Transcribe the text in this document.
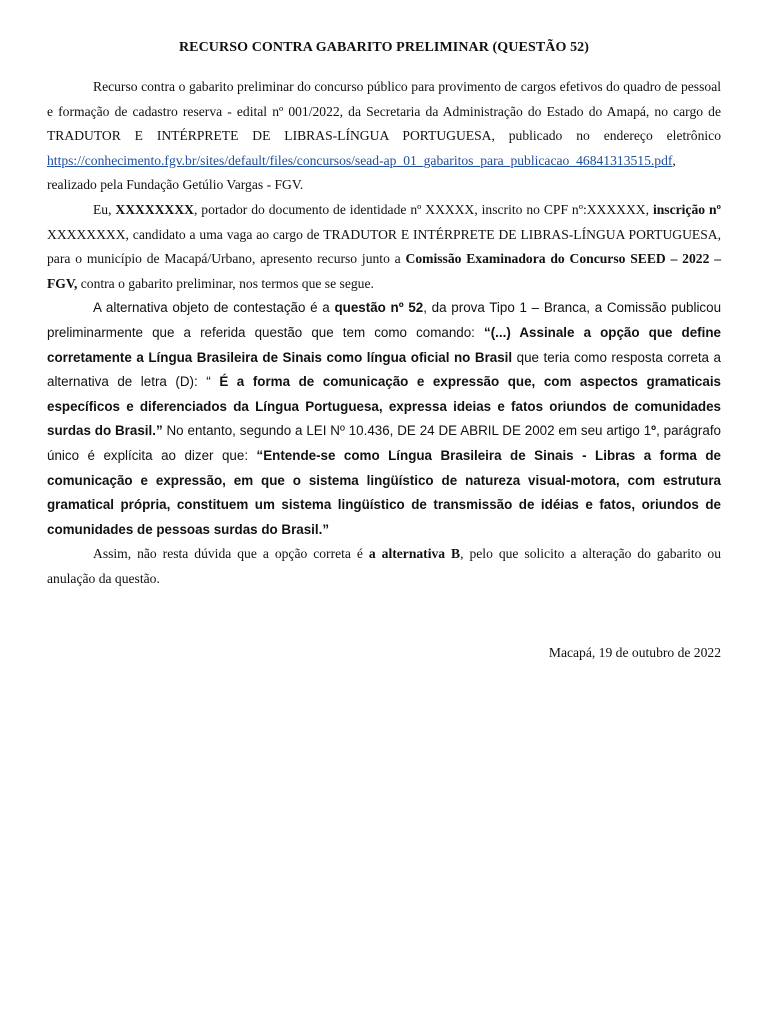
RECURSO CONTRA GABARITO PRELIMINAR (QUESTÃO 52)

Recurso contra o gabarito preliminar do concurso público para provimento de cargos efetivos do quadro de pessoal e formação de cadastro reserva - edital nº 001/2022, da Secretaria da Administração do Estado do Amapá, no cargo de TRADUTOR E INTÉRPRETE DE LIBRAS-LÍNGUA PORTUGUESA, publicado no endereço eletrônico https://conhecimento.fgv.br/sites/default/files/concursos/sead-ap_01_gabaritos_para_publicacao_46841313515.pdf, realizado pela Fundação Getúlio Vargas - FGV.

Eu, XXXXXXXX, portador do documento de identidade nº XXXXX, inscrito no CPF nº:XXXXXX, inscrição nº XXXXXXXX, candidato a uma vaga ao cargo de TRADUTOR E INTÉRPRETE DE LIBRAS-LÍNGUA PORTUGUESA, para o município de Macapá/Urbano, apresento recurso junto a Comissão Examinadora do Concurso SEED – 2022 – FGV, contra o gabarito preliminar, nos termos que se segue.

A alternativa objeto de contestação é a questão nº 52, da prova Tipo 1 – Branca, a Comissão publicou preliminarmente que a referida questão que tem como comando: “(...) Assinale a opção que define corretamente a Língua Brasileira de Sinais como língua oficial no Brasil que teria como resposta correta a alternativa de letra (D): “ É a forma de comunicação e expressão que, com aspectos gramaticais específicos e diferenciados da Língua Portuguesa, expressa ideias e fatos oriundos de comunidades surdas do Brasil.” No entanto, segundo a LEI Nº 10.436, DE 24 DE ABRIL DE 2002 em seu artigo 1º, parágrafo único é explícita ao dizer que: “Entende-se como Língua Brasileira de Sinais - Libras a forma de comunicação e expressão, em que o sistema lingüístico de natureza visual-motora, com estrutura gramatical própria, constituem um sistema lingüístico de transmissão de idéias e fatos, oriundos de comunidades de pessoas surdas do Brasil.”

Assim, não resta dúvida que a opção correta é a alternativa B, pelo que solicito a alteração do gabarito ou anulação da questão.

Macapá, 19 de outubro de 2022
